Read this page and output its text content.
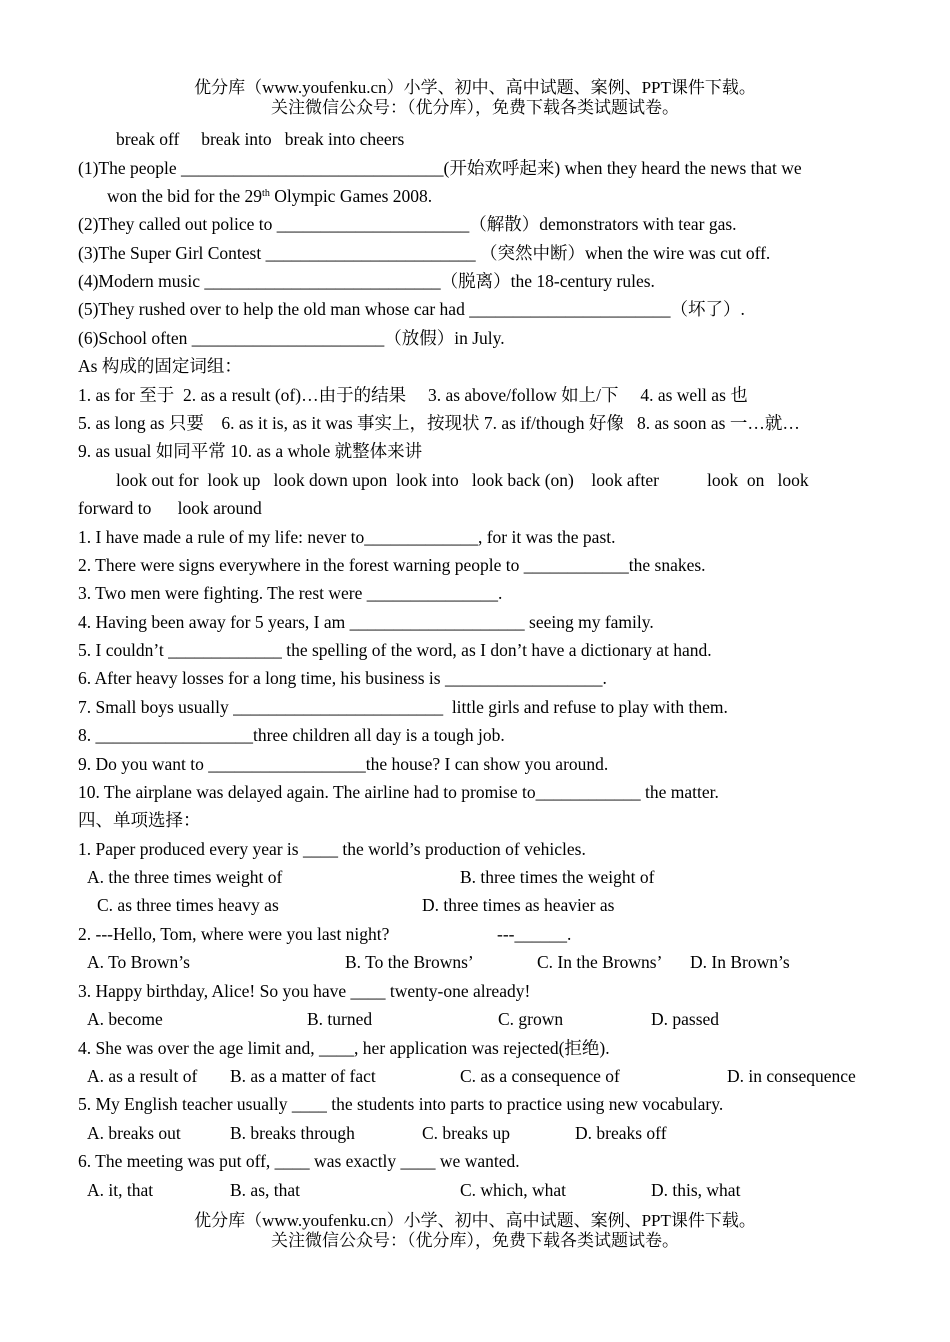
优分库（www.youfenku.cn）小学、初中、高中试题、案例、PPT课件下载。
关注微信公众号：（优分库），免费下载各类试题试卷。
break off     break into   break into cheers
(1)The people ______________________________(开始欢呼起来) when they heard the news that we
won the bid for the 29th Olympic Games 2008.
(2)They called out police to ______________________（解散）demonstrators with tear gas.
(3)The Super Girl Contest ________________________ （突然中断）when the wire was cut off.
(4)Modern music ___________________________（脱离）the 18-century rules.
(5)They rushed over to help the old man whose car had _______________________（坏了）.
(6)School often ______________________（放假）in July.
As 构成的固定词组：
1. as for 至于  2. as a result (of)…由于的结果     3. as above/follow 如上/下     4. as well as 也
5. as long as 只要    6. as it is, as it was 事实上，按现状 7. as if/though 好像   8. as soon as 一…就…
9. as usual 如同平常 10. as a whole 就整体来讲
look out for  look up   look down upon  look into   look back (on)    look after           look  on   look
forward to      look around
1. I have made a rule of my life: never to_____________, for it was the past.
2. There were signs everywhere in the forest warning people to ____________the snakes.
3. Two men were fighting. The rest were _______________.
4. Having been away for 5 years, I am ____________________ seeing my family.
5. I couldn’t _____________ the spelling of the word, as I don’t have a dictionary at hand.
6. After heavy losses for a long time, his business is __________________.
7. Small boys usually ________________________  little girls and refuse to play with them.
8. __________________three children all day is a tough job.
9. Do you want to __________________the house? I can show you around.
10. The airplane was delayed again. The airline had to promise to____________ the matter.
四、单项选择：
1. Paper produced every year is ____ the world’s production of vehicles.
A. the three times weight of	B. three times the weight of
C. as three times heavy as	D. three times as heavier as
2. ---Hello, Tom, where were you last night?	---______.
A. To Brown’s	B. To the Browns’	C. In the Browns’ D. In Brown’s
3. Happy birthday, Alice! So you have ____ twenty-one already!
A. become	B. turned	C. grown	D. passed
4. She was over the age limit and, ____, her application was rejected(拒绝).
A. as a result of B. as a matter of fact	C. as a consequence of	D. in consequence
5. My English teacher usually ____ the students into parts to practice using new vocabulary.
A. breaks out	B. breaks through	C. breaks up	D. breaks off
6. The meeting was put off, ____ was exactly ____ we wanted.
A. it, that	B. as, that	C. which, what	D. this, what
优分库（www.youfenku.cn）小学、初中、高中试题、案例、PPT课件下载。
关注微信公众号：（优分库），免费下载各类试题试卷。
